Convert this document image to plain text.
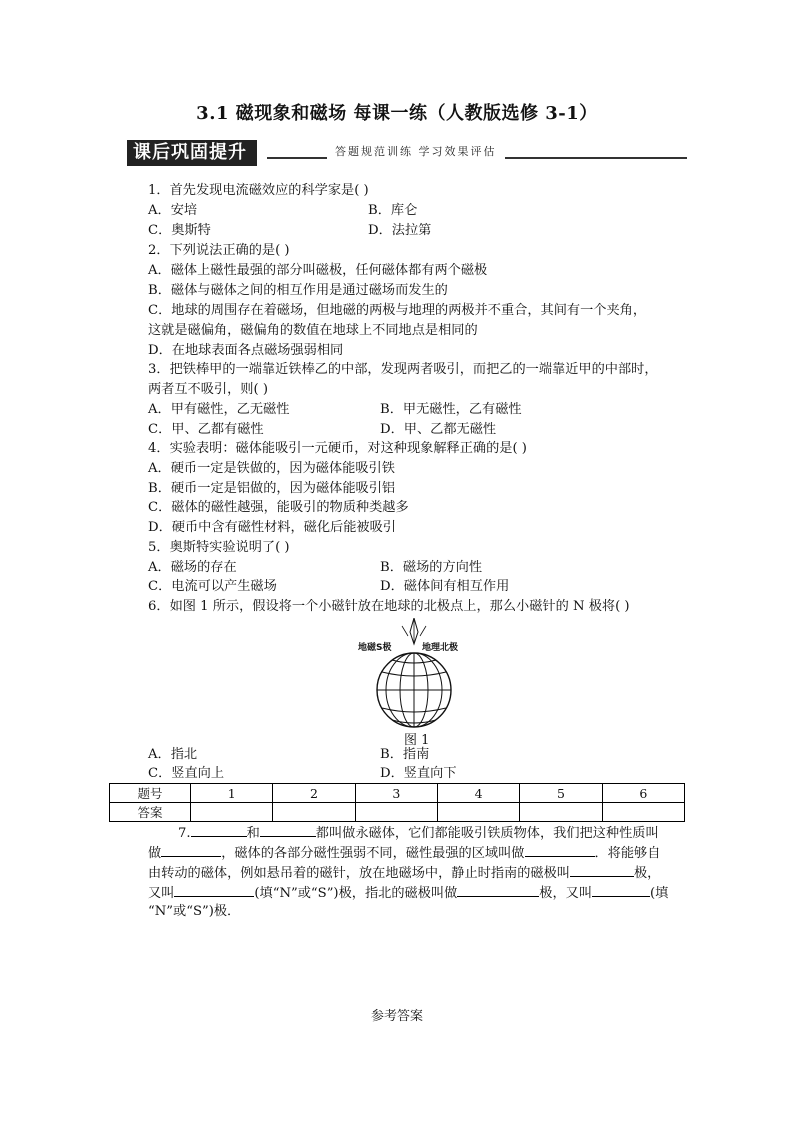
3.1 磁现象和磁场 每课一练（人教版选修 3-1）
课后巩固提升	答题规范训练 学习效果评估
1．首先发现电流磁效应的科学家是( )
A．安培	B．库仑
C．奥斯特	D．法拉第
2．下列说法正确的是( )
A．磁体上磁性最强的部分叫磁极，任何磁体都有两个磁极
B．磁体与磁体之间的相互作用是通过磁场而发生的
C．地球的周围存在着磁场，但地磁的两极与地理的两极并不重合，其间有一个夹角，
这就是磁偏角，磁偏角的数值在地球上不同地点是相同的
D．在地球表面各点磁场强弱相同
3．把铁棒甲的一端靠近铁棒乙的中部，发现两者吸引，而把乙的一端靠近甲的中部时，
两者互不吸引，则( )
A．甲有磁性，乙无磁性	B．甲无磁性，乙有磁性
C．甲、乙都有磁性	D．甲、乙都无磁性
4．实验表明：磁体能吸引一元硬币，对这种现象解释正确的是( )
A．硬币一定是铁做的，因为磁体能吸引铁
B．硬币一定是铝做的，因为磁体能吸引铝
C．磁体的磁性越强，能吸引的物质种类越多
D．硬币中含有磁性材料，磁化后能被吸引
5．奥斯特实验说明了( )
A．磁场的存在	B．磁场的方向性
C．电流可以产生磁场	D．磁体间有相互作用
6．如图 1 所示，假设将一个小磁针放在地球的北极点上，那么小磁针的 N 极将( )
地磁S极	地理北极
图 1
A．指北	B．指南
C．竖直向上	D．竖直向下
题号	1	2	3	4	5	6
答案						
7.	和	都叫做永磁体，它们都能吸引铁质物体，我们把这种性质叫
做	，磁体的各部分磁性强弱不同，磁性最强的区域叫做	．将能够自
由转动的磁体，例如悬吊着的磁针，放在地磁场中，静止时指南的磁极叫	极，
又叫	(填“N”或“S”)极，指北的磁极叫做	极，又叫	(填
“N”或“S”)极．
参考答案
